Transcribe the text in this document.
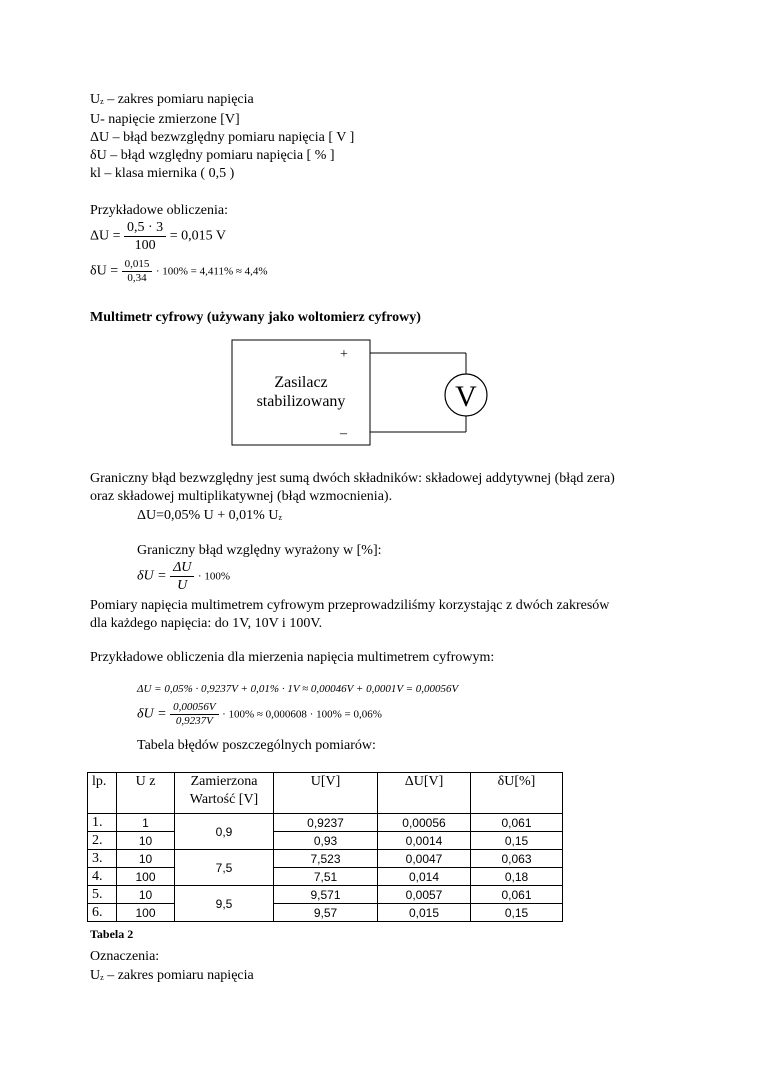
Uz – zakres pomiaru napięcia
U- napięcie zmierzone [V]
ΔU – błąd bezwzględny pomiaru napięcia [ V ]
δU – błąd względny pomiaru napięcia [ % ]
kl – klasa miernika ( 0,5 )
Przykładowe obliczenia:
$\Delta U = \frac{0,5 \cdot 3}{100} = 0,015$ V
$\delta U = \frac{0,015}{0,34} \cdot 100\% = 4,411\% \approx 4,4\%$
Multimetr cyfrowy (używany jako woltomierz cyfrowy)
V
Zasilacz
stabilizowany
+
–
Graniczny błąd bezwzględny jest sumą dwóch składników: składowej addytywnej (błąd zera)
oraz składowej multiplikatywnej (błąd wzmocnienia).
ΔU=0,05% U + 0,01% Uz
Graniczny błąd względny wyrażony w [%]:
$\delta U = \frac{\Delta U}{U} \cdot 100\%$
Pomiary napięcia multimetrem cyfrowym przeprowadziliśmy korzystając z dwóch zakresów
dla każdego napięcia: do 1V, 10V i 100V.
Przykładowe obliczenia dla mierzenia napięcia multimetrem cyfrowym:
ΔU = 0,05% · 0,9237V + 0,01% · 1V ≈ 0,00046V + 0,0001V = 0,00056V
$\delta U = \frac{0,00056V}{0,9237V} \cdot 100\% \approx 0,000608 \cdot 100\% = 0,06\%$
Tabela błędów poszczególnych pomiarów:
lp.	U z	Zamierzona
Wartość [V]	U[V]	ΔU[V]	δU[%]
1.	1	0,9	0,9237	0,00056	0,061
2.	10		0,93	0,0014	0,15
3.	10	7,5	7,523	0,0047	0,063
4.	100		7,51	0,014	0,18
5.	10	9,5	9,571	0,0057	0,061
6.	100		9,57	0,015	0,15
Tabela 2
Oznaczenia:
Uz – zakres pomiaru napięcia
